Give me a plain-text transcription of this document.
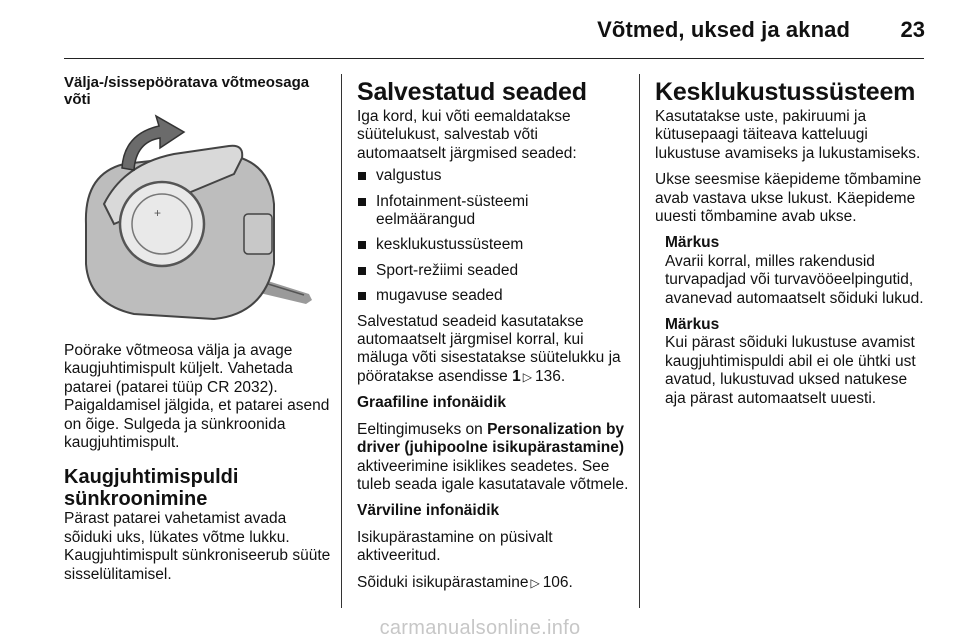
Võtmed, uksed ja aknad	23
Välja-/sissepööratava võtmeosaga võti
+

Poörake võtmeosa välja ja avage kaugjuhtimispult küljelt. Vahetada patarei (patarei tüüp CR 2032). Paigaldamisel jälgida, et patarei asend on õige. Sulgeda ja sünkroonida kaugjuhtimispult.

Kaugjuhtimispuldi sünkroonimine

Pärast patarei vahetamist avada sõiduki uks, lükates võtme lukku. Kaugjuhtimispult sünkroniseerub süüte sisselülitamisel.

Salvestatud seaded

Iga kord, kui võti eemaldatakse süütelukust, salvestab võti automaatselt järgmised seaded:

valgustus
Infotainment-süsteemi eelmäärangud
kesklukustussüsteem
Sport-režiimi seaded
mugavuse seaded

Salvestatud seadeid kasutatakse automaatselt järgmisel korral, kui mäluga võti sisestatakse süütelukku ja pööratakse asendisse 1 ▷ 136.

Graafiline infonäidik

Eeltingimuseks on Personalization by driver (juhipoolne isikupärastamine) aktiveerimine isiklikes seadetes. See tuleb seada igale kasutatavale võtmele.

Värviline infonäidik

Isikupärastamine on püsivalt aktiveeritud.

Sõiduki isikupärastamine ▷ 106.

Kesklukustussüsteem

Kasutatakse uste, pakiruumi ja kütusepaagi täiteava katteluugi lukustuse avamiseks ja lukustamiseks.

Ukse seesmise käepideme tõmbamine avab vastava ukse lukust. Käepideme uuesti tõmbamine avab ukse.

Märkus

Avarii korral, milles rakendusid turvapadjad või turvavööeelpingutid, avanevad automaatselt sõiduki lukud.

Märkus

Kui pärast sõiduki lukustuse avamist kaugjuhtimispuldi abil ei ole ühtki ust avatud, lukustuvad uksed natukese aja pärast automaatselt uuesti.

carmanualsonline.info
